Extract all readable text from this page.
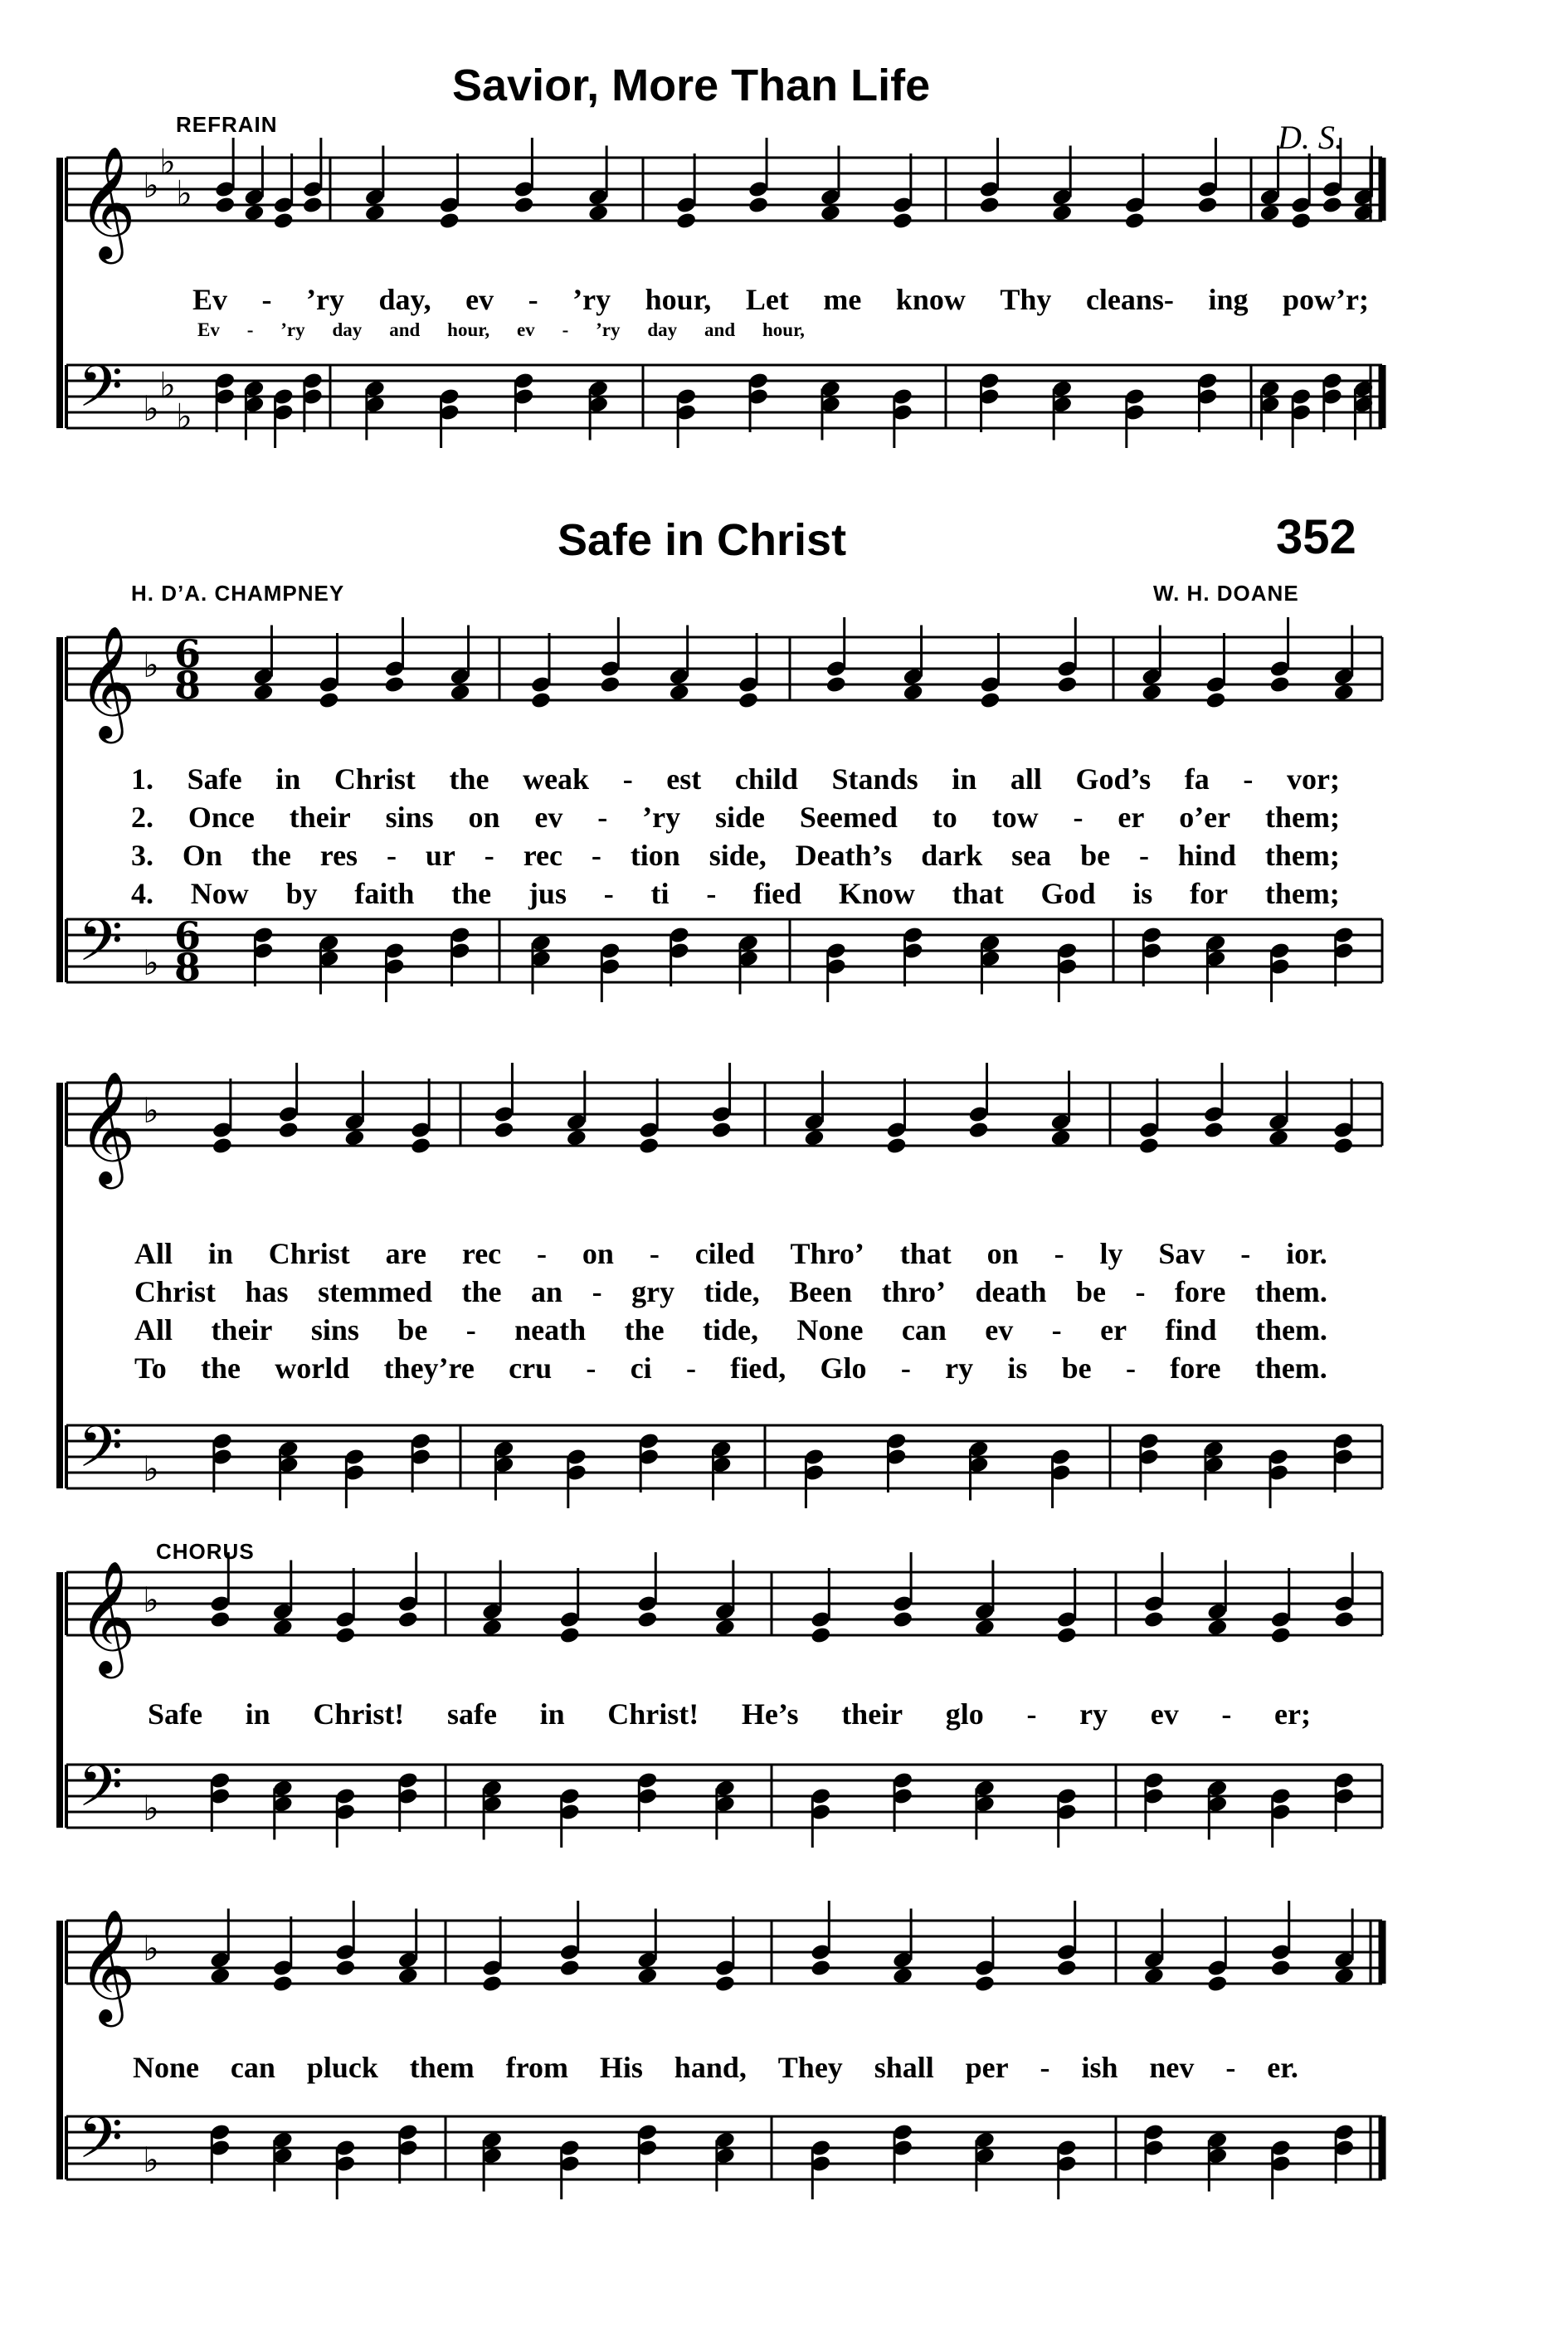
Savior, More Than Life
REFRAIN	D. S.
Safe in Christ	352
H. D’A. CHAMPNEY	W. H. DOANE
CHORUS
𝄞
𝄢
♭
♭
♭
♭
♭
♭
𝄞
𝄢
♭
♭
6
8
6
8
𝄞
𝄢
♭
♭
𝄞
𝄢
♭
♭
𝄞
𝄢
♭
♭
Ev - ’ry day, ev - ’ry hour, Let me know Thy cleans- ing pow’r;
Ev - ’ry day and hour, ev - ’ry day and hour,
1. Safe in Christ the weak - est child Stands in all God’s fa - vor;
2. Once their sins on ev - ’ry side Seemed to tow - er o’er them;
3. On the res - ur - rec - tion side, Death’s dark sea be - hind them;
4. Now by faith the jus - ti - fied Know that God is for them;
All in Christ are rec - on - ciled Thro’ that on - ly Sav - ior.
Christ has stemmed the an - gry tide, Been thro’ death be - fore them.
All their sins be - neath the tide, None can ev - er find them.
To the world they’re cru - ci - fied, Glo - ry is be - fore them.
Safe in Christ! safe in Christ! He’s their glo - ry ev - er;
None can pluck them from His hand, They shall per - ish nev - er.
